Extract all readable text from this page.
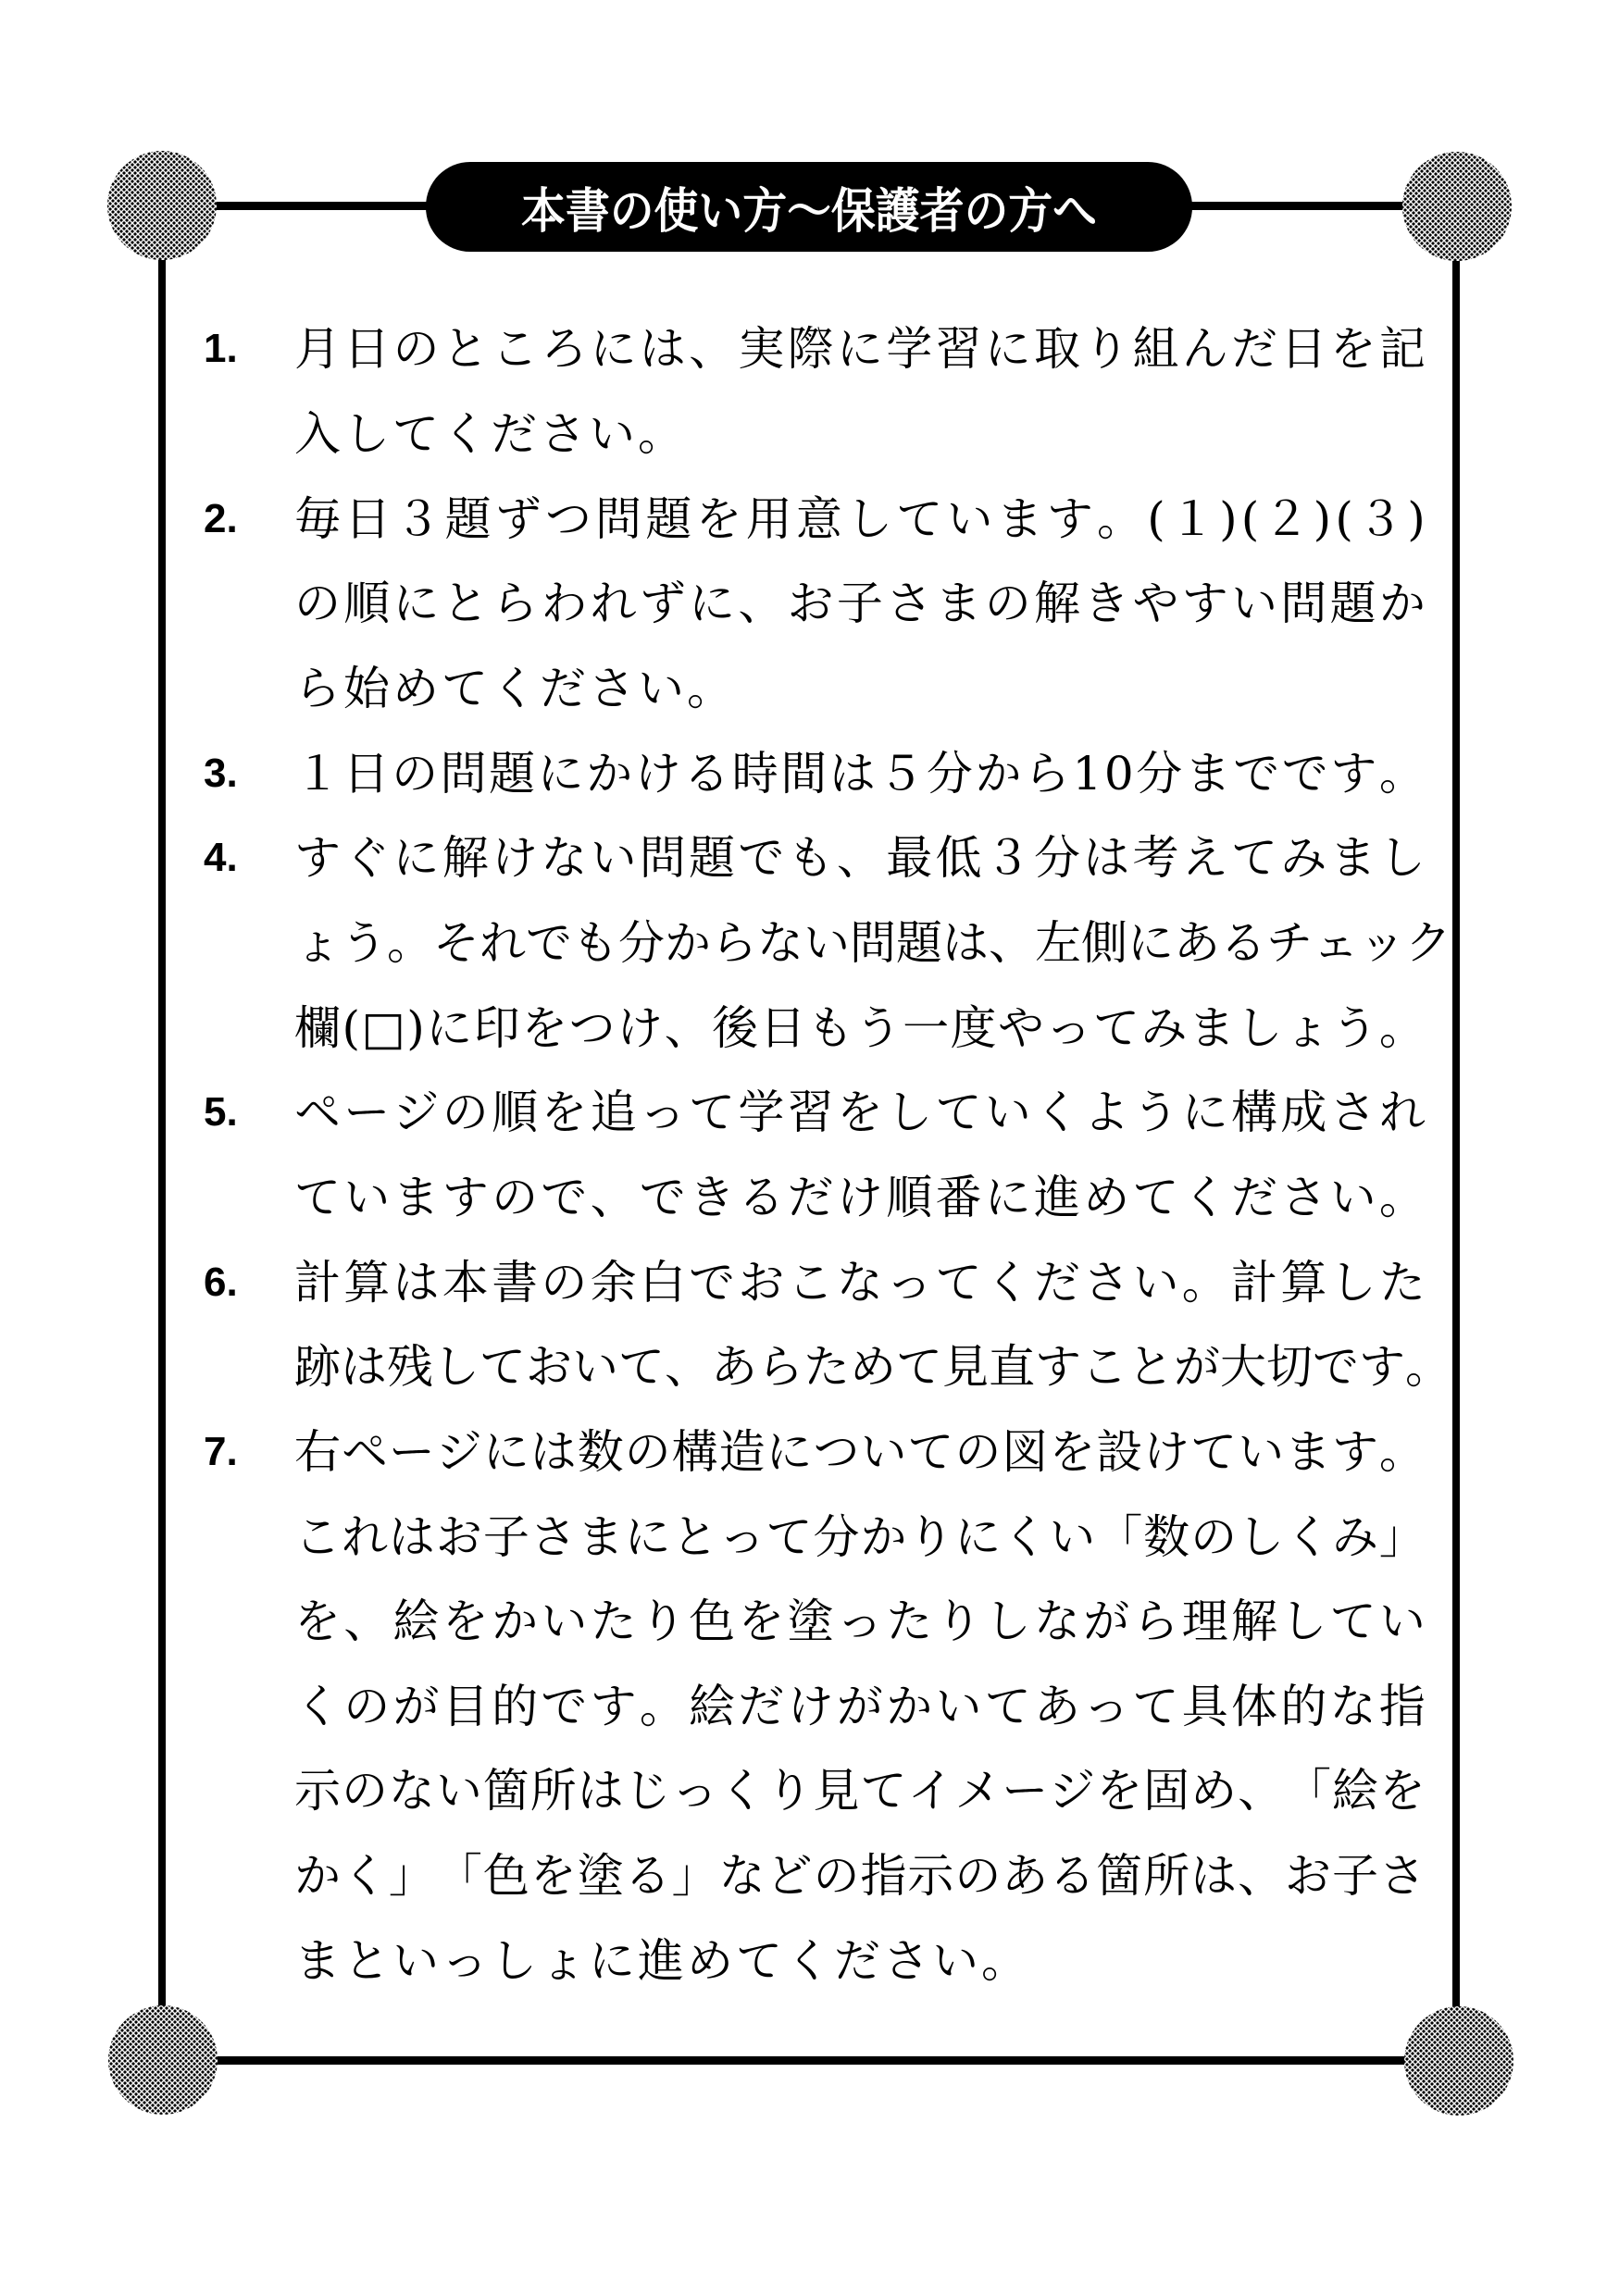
本書の使い方〜保護者の方へ
1.	月 日 の と こ ろ に は 、 実 際 に 学 習 に 取 り 組 ん だ 日 を 記
入してください。
2.	毎 日 ３ 題 ず つ 問 題 を 用 意 し て い ま す 。 ( １ ) ( ２ ) ( ３ )
の 順 に と ら わ れ ず に 、 お 子 さ ま の 解 き や す い 問 題 か
ら始めてください。
3.	１ 日 の 問 題 に か け る 時 間 は ５ 分 か ら 1 0 分 ま で で す 。
4.	す ぐ に 解 け な い 問 題 で も 、 最 低 ３ 分 は 考 え て み ま し
ょ う 。 そ れ で も 分 か ら な い 問 題 は 、 左 側 に あ る チ ェ ッ ク
欄 ( □ ) に 印 を つ け 、 後 日 も う 一 度 や っ て み ま し ょ う 。
5.	ペ ー ジ の 順 を 追 っ て 学 習 を し て い く よ う に 構 成 さ れ
て い ま す の で 、 で き る だ け 順 番 に 進 め て く だ さ い 。
6.	計 算 は 本 書 の 余 白 で お こ な っ て く だ さ い 。 計 算 し た
跡 は 残 し て お い て 、 あ ら た め て 見 直 す こ と が 大 切 で す 。
7.	右 ペ ー ジ に は 数 の 構 造 に つ い て の 図 を 設 け て い ま す 。
こ れ は お 子 さ ま に と っ て 分 か り に く い 「 数 の し く み 」
を 、 絵 を か い た り 色 を 塗 っ た り し な が ら 理 解 し て い
く の が 目 的 で す 。 絵 だ け が か い て あ っ て 具 体 的 な 指
示 の な い 箇 所 は じ っ く り 見 て イ メ ー ジ を 固 め 、 「 絵 を
か く 」 「 色 を 塗 る 」 な ど の 指 示 の あ る 箇 所 は 、 お 子 さ
まといっしょに進めてください。
